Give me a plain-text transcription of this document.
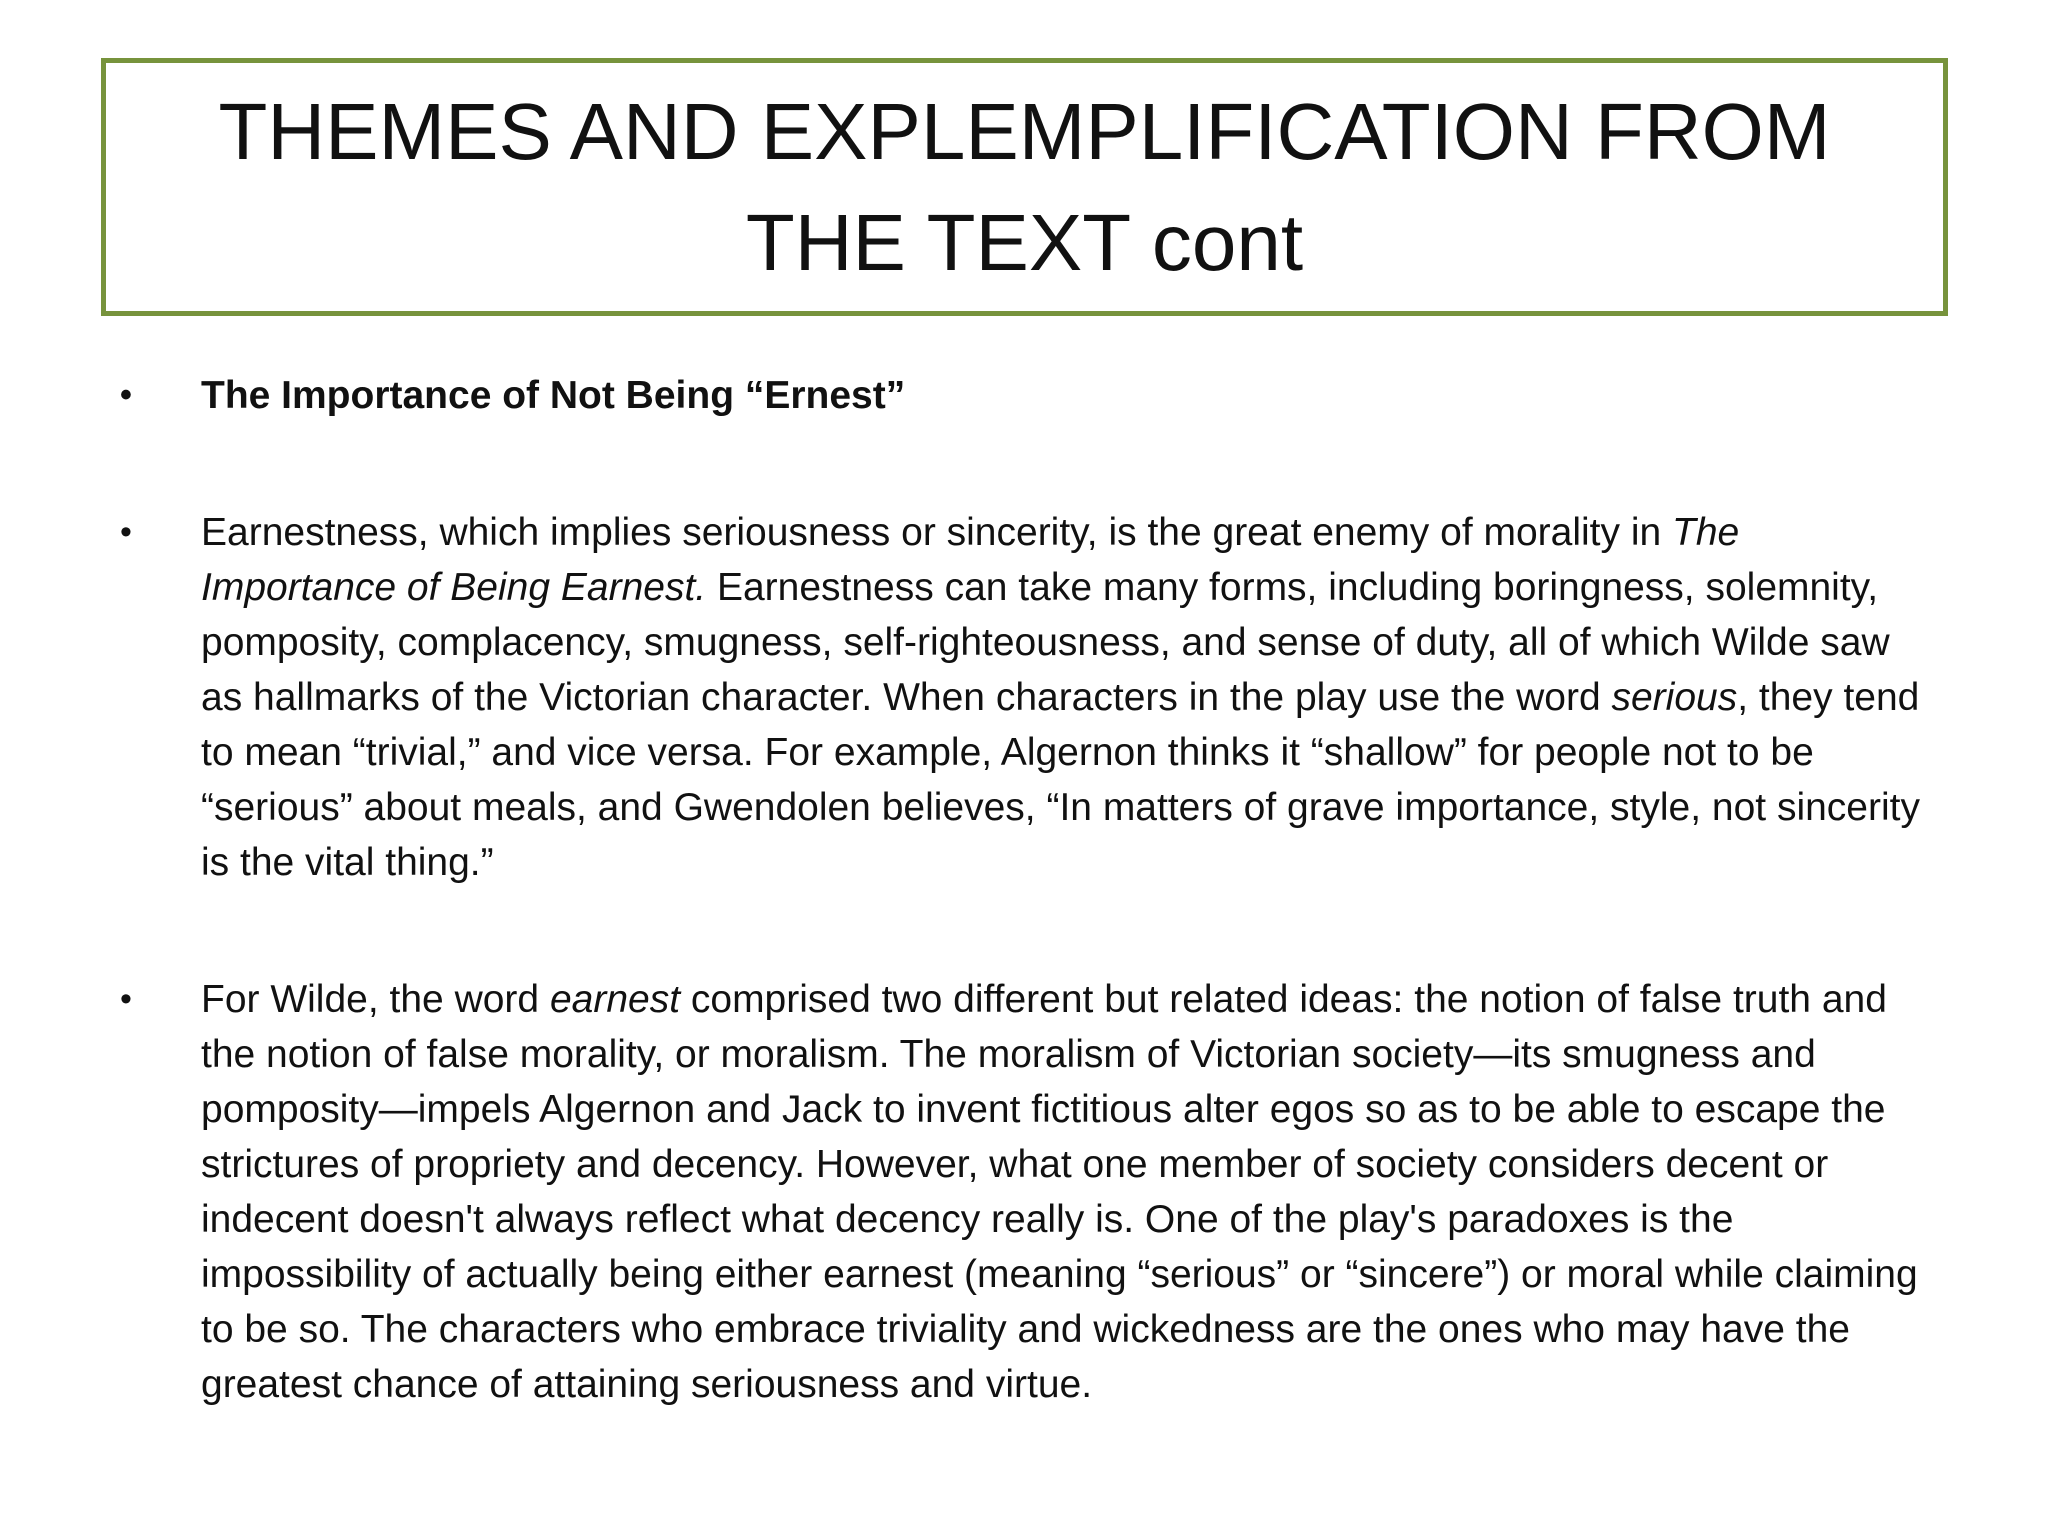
THEMES AND EXPLEMPLIFICATION FROM THE TEXT cont
•	The Importance of Not Being “Ernest”
•	Earnestness, which implies seriousness or sincerity, is the great enemy of morality in The Importance of Being Earnest. Earnestness can take many forms, including boringness, solemnity, pomposity, complacency, smugness, self-righteousness, and sense of duty, all of which Wilde saw as hallmarks of the Victorian character. When characters in the play use the word serious, they tend to mean “trivial,” and vice versa. For example, Algernon thinks it “shallow” for people not to be “serious” about meals, and Gwendolen believes, “In matters of grave importance, style, not sincerity is the vital thing.”
•	For Wilde, the word earnest comprised two different but related ideas: the notion of false truth and the notion of false morality, or moralism. The moralism of Victorian society—its smugness and pomposity—impels Algernon and Jack to invent fictitious alter egos so as to be able to escape the strictures of propriety and decency. However, what one member of society considers decent or indecent doesn't always reflect what decency really is. One of the play's paradoxes is the impossibility of actually being either earnest (meaning “serious” or “sincere”) or moral while claiming to be so. The characters who embrace triviality and wickedness are the ones who may have the greatest chance of attaining seriousness and virtue.
